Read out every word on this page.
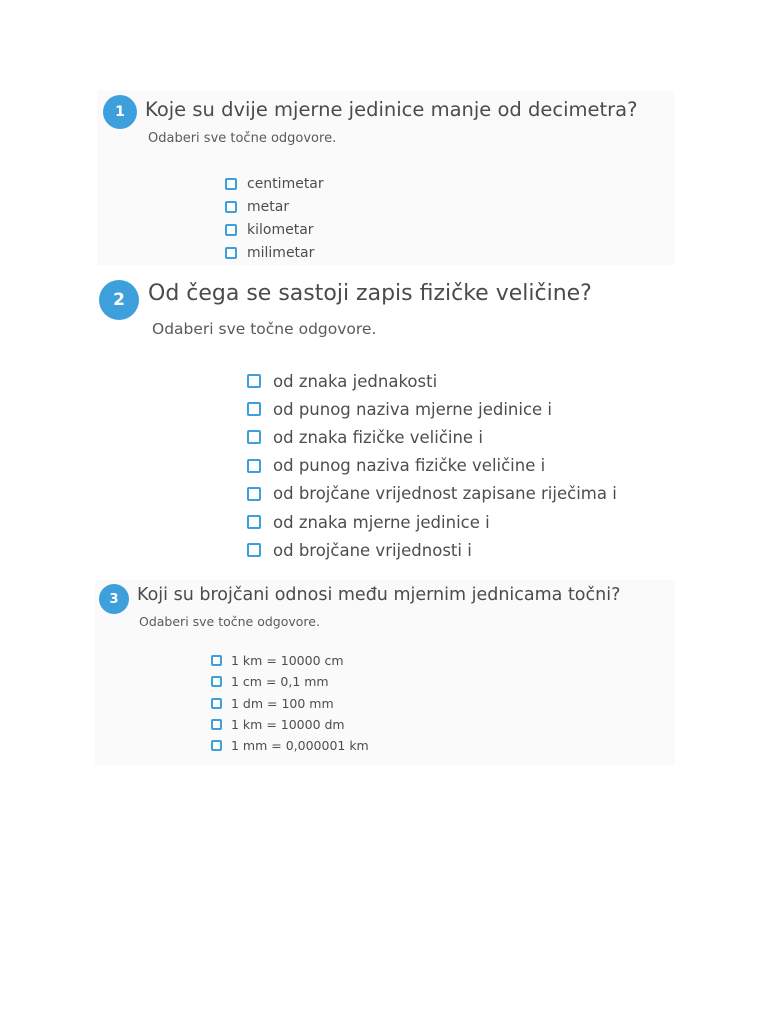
1	Koje su dvije mjerne jedinice manje od decimetra?
Odaberi sve točne odgovore.
centimetar
metar
kilometar
milimetar
2	Od čega se sastoji zapis fizičke veličine?
Odaberi sve točne odgovore.
od znaka jednakosti
od punog naziva mjerne jedinice i
od znaka fizičke veličine i
od punog naziva fizičke veličine i
od brojčane vrijednost zapisane riječima i
od znaka mjerne jedinice i
od brojčane vrijednosti i
3	Koji su brojčani odnosi među mjernim jednicama točni?
Odaberi sve točne odgovore.
1 km = 10000 cm
1 cm = 0,1 mm
1 dm = 100 mm
1 km = 10000 dm
1 mm = 0,000001 km
